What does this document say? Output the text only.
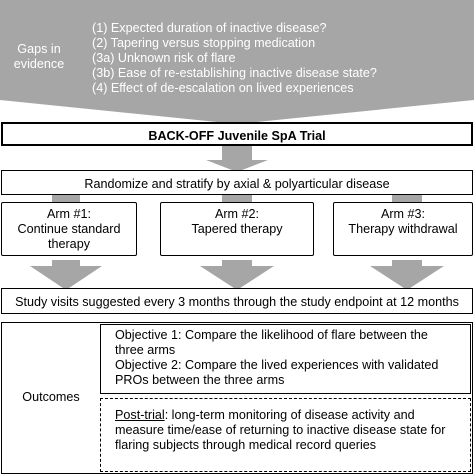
Gaps in
evidence
(1) Expected duration of inactive disease?
(2) Tapering versus stopping medication
(3a) Unknown risk of flare
(3b) Ease of re-establishing inactive disease state?
(4) Effect of de-escalation on lived experiences
BACK-OFF Juvenile SpA Trial
Randomize and stratify by axial & polyarticular disease
Arm #1:
Continue standard
therapy
Arm #2:
Tapered therapy
Arm #3:
Therapy withdrawal
Study visits suggested every 3 months through the study endpoint at 12 months
Outcomes
Objective 1: Compare the likelihood of flare between the
three arms
Objective 2: Compare the lived experiences with validated
PROs between the three arms
Post-trial: long-term monitoring of disease activity and
measure time/ease of returning to inactive disease state for
flaring subjects through medical record queries
